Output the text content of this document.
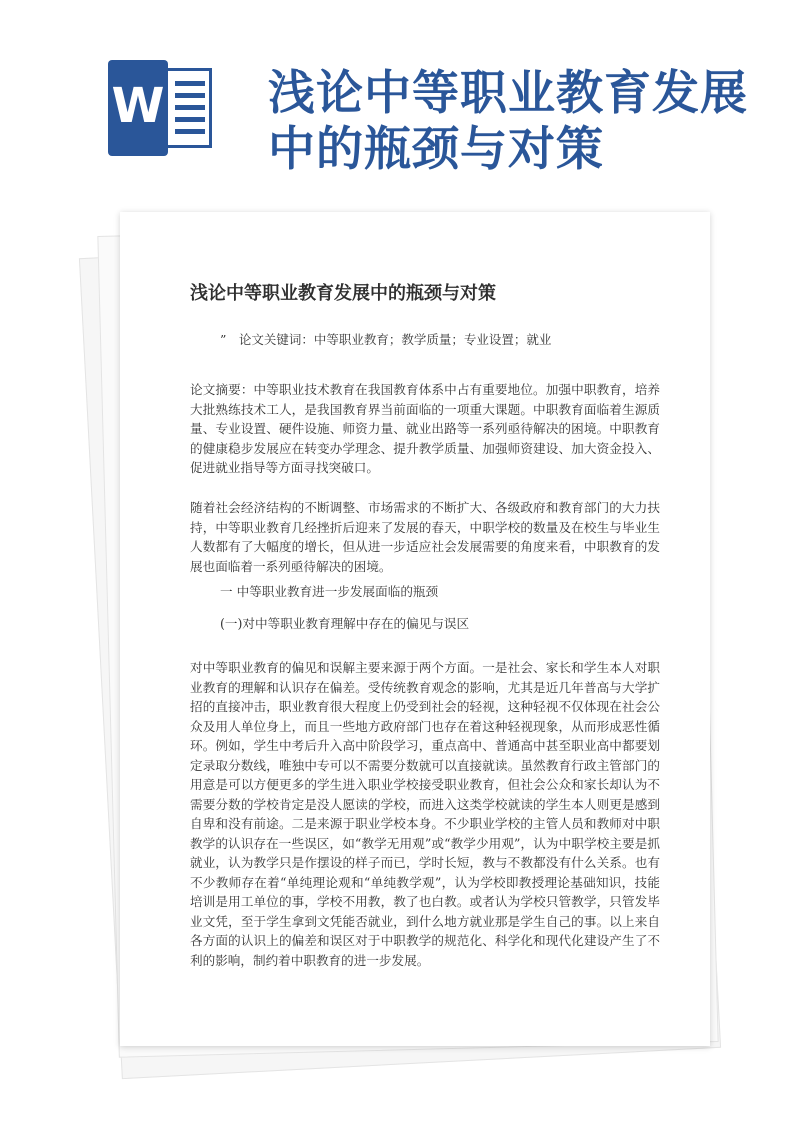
W 浅论中等职业教育发展中的瓶颈与对策
浅论中等职业教育发展中的瓶颈与对策
”　论文关键词：中等职业教育；教学质量；专业设置；就业

论文摘要：中等职业技术教育在我国教育体系中占有重要地位。加强中职教育，培养大批熟练技术工人，是我国教育界当前面临的一项重大课题。中职教育面临着生源质量、专业设置、硬件设施、师资力量、就业出路等一系列亟待解决的困境。中职教育的健康稳步发展应在转变办学理念、提升教学质量、加强师资建设、加大资金投入、促进就业指导等方面寻找突破口。

随着社会经济结构的不断调整、市场需求的不断扩大、各级政府和教育部门的大力扶持，中等职业教育几经挫折后迎来了发展的春天，中职学校的数量及在校生与毕业生人数都有了大幅度的增长，但从进一步适应社会发展需要的角度来看，中职教育的发展也面临着一系列亟待解决的困境。

一 中等职业教育进一步发展面临的瓶颈
(一)对中等职业教育理解中存在的偏见与误区

对中等职业教育的偏见和误解主要来源于两个方面。一是社会、家长和学生本人对职业教育的理解和认识存在偏差。受传统教育观念的影响，尤其是近几年普高与大学扩招的直接冲击，职业教育很大程度上仍受到社会的轻视，这种轻视不仅体现在社会公众及用人单位身上，而且一些地方政府部门也存在着这种轻视现象，从而形成恶性循环。例如，学生中考后升入高中阶段学习，重点高中、普通高中甚至职业高中都要划定录取分数线，唯独中专可以不需要分数就可以直接就读。虽然教育行政主管部门的用意是可以方便更多的学生进入职业学校接受职业教育，但社会公众和家长却认为不需要分数的学校肯定是没人愿读的学校，而进入这类学校就读的学生本人则更是感到自卑和没有前途。二是来源于职业学校本身。不少职业学校的主管人员和教师对中职教学的认识存在一些误区，如“教学无用观”或“教学少用观”，认为中职学校主要是抓就业，认为教学只是作摆设的样子而已，学时长短，教与不教都没有什么关系。也有不少教师存在着“单纯理论观和“单纯教学观”，认为学校即教授理论基础知识，技能培训是用工单位的事，学校不用教，教了也白教。或者认为学校只管教学，只管发毕业文凭，至于学生拿到文凭能否就业，到什么地方就业那是学生自己的事。以上来自各方面的认识上的偏差和误区对于中职教学的规范化、科学化和现代化建设产生了不利的影响，制约着中职教育的进一步发展。
